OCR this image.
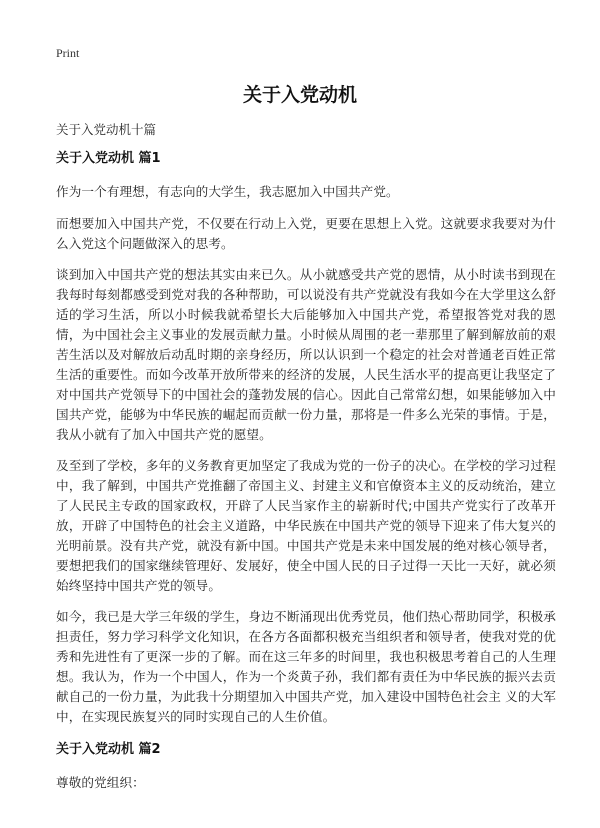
Print
关于入党动机

关于入党动机十篇

关于入党动机 篇1

作为一个有理想，有志向的大学生，我志愿加入中国共产党。

而想要加入中国共产党，不仅要在行动上入党，更要在思想上入党。这就要求我要对为什么入党这个问题做深入的思考。

谈到加入中国共产党的想法其实由来已久。从小就感受共产党的恩情，从小时读书到现在我每时每刻都感受到党对我的各种帮助，可以说没有共产党就没有我如今在大学里这么舒适的学习生活，所以小时候我就希望长大后能够加入中国共产党，希望报答党对我的恩情，为中国社会主义事业的发展贡献力量。小时候从周围的老一辈那里了解到解放前的艰苦生活以及对解放后动乱时期的亲身经历，所以认识到一个稳定的社会对普通老百姓正常生活的重要性。而如今改革开放所带来的经济的发展，人民生活水平的提高更让我坚定了对中国共产党领导下的中国社会的蓬勃发展的信心。因此自己常常幻想，如果能够加入中国共产党，能够为中华民族的崛起而贡献一份力量，那将是一件多么光荣的事情。于是，我从小就有了加入中国共产党的愿望。

及至到了学校，多年的义务教育更加坚定了我成为党的一份子的决心。在学校的学习过程中，我了解到，中国共产党推翻了帝国主义、封建主义和官僚资本主义的反动统治，建立了人民民主专政的国家政权，开辟了人民当家作主的崭新时代;中国共产党实行了改革开放，开辟了中国特色的社会主义道路，中华民族在中国共产党的领导下迎来了伟大复兴的光明前景。没有共产党，就没有新中国。中国共产党是未来中国发展的绝对核心领导者，要想把我们的国家继续管理好、发展好，使全中国人民的日子过得一天比一天好，就必须始终坚持中国共产党的领导。

如今，我已是大学三年级的学生，身边不断涌现出优秀党员，他们热心帮助同学，积极承担责任，努力学习科学文化知识，在各方各面都积极充当组织者和领导者，使我对党的优秀和先进性有了更深一步的了解。而在这三年多的时间里，我也积极思考着自己的人生理想。我认为，作为一个中国人，作为一个炎黄子孙，我们都有责任为中华民族的振兴去贡献自己的一份力量，为此我十分期望加入中国共产党，加入建设中国特色社会主 义的大军中，在实现民族复兴的同时实现自己的人生价值。

关于入党动机 篇2

尊敬的党组织：
